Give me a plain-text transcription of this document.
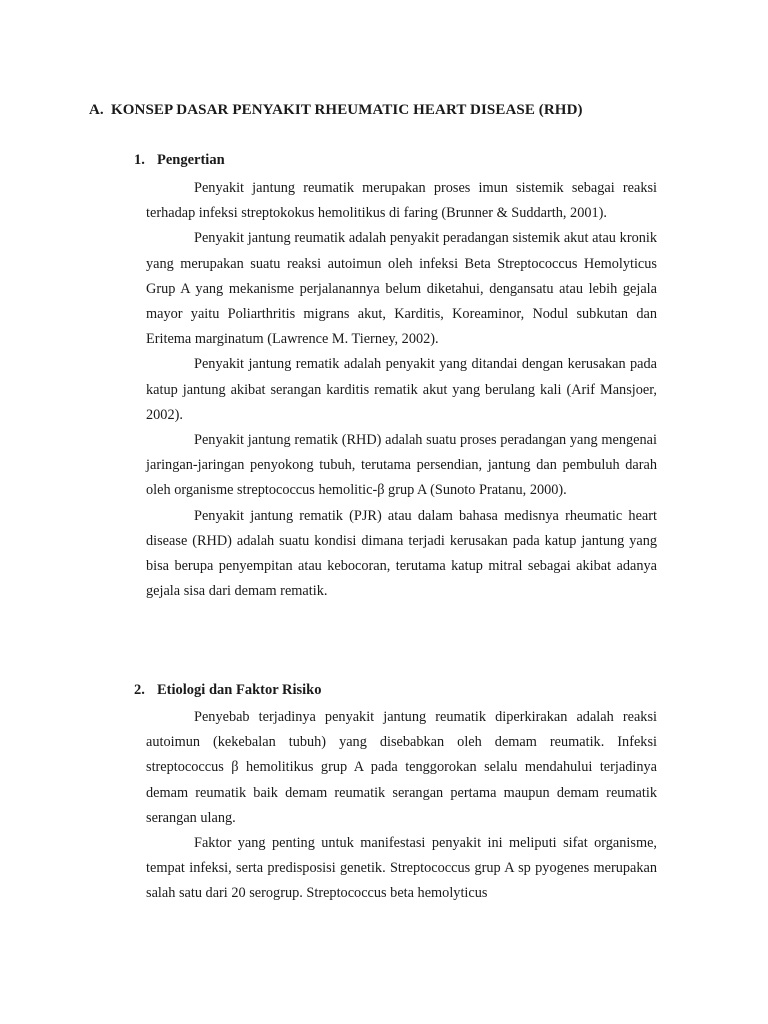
A. KONSEP DASAR PENYAKIT RHEUMATIC HEART DISEASE (RHD)
1. Pengertian

Penyakit jantung reumatik merupakan proses imun sistemik sebagai reaksi terhadap infeksi streptokokus hemolitikus di faring (Brunner & Suddarth, 2001).

Penyakit jantung reumatik adalah penyakit peradangan sistemik akut atau kronik yang merupakan suatu reaksi autoimun oleh infeksi Beta Streptococcus Hemolyticus Grup A yang mekanisme perjalanannya belum diketahui, dengansatu atau lebih gejala mayor yaitu Poliarthritis migrans akut, Karditis, Koreaminor, Nodul subkutan dan Eritema marginatum (Lawrence M. Tierney, 2002).

Penyakit jantung rematik adalah penyakit yang ditandai dengan kerusakan pada katup jantung akibat serangan karditis rematik akut yang berulang kali (Arif Mansjoer, 2002).

Penyakit jantung rematik (RHD) adalah suatu proses peradangan yang mengenai jaringan-jaringan penyokong tubuh, terutama persendian, jantung dan pembuluh darah oleh organisme streptococcus hemolitic-β grup A (Sunoto Pratanu, 2000).

Penyakit jantung rematik (PJR) atau dalam bahasa medisnya rheumatic heart disease (RHD) adalah suatu kondisi dimana terjadi kerusakan pada katup jantung yang bisa berupa penyempitan atau kebocoran, terutama katup mitral sebagai akibat adanya gejala sisa dari demam rematik.

2. Etiologi dan Faktor Risiko

Penyebab terjadinya penyakit jantung reumatik diperkirakan adalah reaksi autoimun (kekebalan tubuh) yang disebabkan oleh demam reumatik. Infeksi streptococcus β hemolitikus grup A pada tenggorokan selalu mendahului terjadinya demam reumatik baik demam reumatik serangan pertama maupun demam reumatik serangan ulang.

Faktor yang penting untuk manifestasi penyakit ini meliputi sifat organisme, tempat infeksi, serta predisposisi genetik. Streptococcus grup A sp pyogenes merupakan salah satu dari 20 serogrup. Streptococcus beta hemolyticus
